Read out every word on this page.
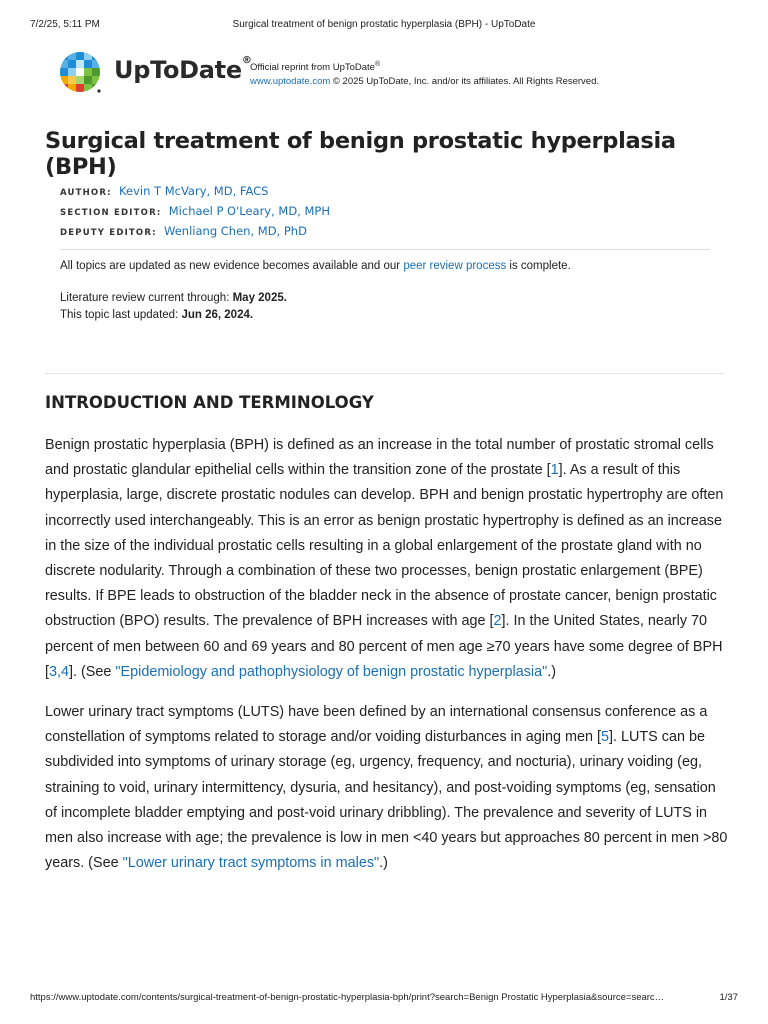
7/2/25, 5:11 PM	Surgical treatment of benign prostatic hyperplasia (BPH) - UpToDate
UpToDate®
Official reprint from UpToDate®
www.uptodate.com © 2025 UpToDate, Inc. and/or its affiliates. All Rights Reserved.
Surgical treatment of benign prostatic hyperplasia (BPH)
AUTHOR: Kevin T McVary, MD, FACS
SECTION EDITOR: Michael P O'Leary, MD, MPH
DEPUTY EDITOR: Wenliang Chen, MD, PhD

All topics are updated as new evidence becomes available and our peer review process is complete.

Literature review current through: May 2025.

This topic last updated: Jun 26, 2024.

INTRODUCTION AND TERMINOLOGY

Benign prostatic hyperplasia (BPH) is defined as an increase in the total number of prostatic stromal cells and prostatic glandular epithelial cells within the transition zone of the prostate [1]. As a result of this hyperplasia, large, discrete prostatic nodules can develop. BPH and benign prostatic hypertrophy are often incorrectly used interchangeably. This is an error as benign prostatic hypertrophy is defined as an increase in the size of the individual prostatic cells resulting in a global enlargement of the prostate gland with no discrete nodularity. Through a combination of these two processes, benign prostatic enlargement (BPE) results. If BPE leads to obstruction of the bladder neck in the absence of prostate cancer, benign prostatic obstruction (BPO) results. The prevalence of BPH increases with age [2]. In the United States, nearly 70 percent of men between 60 and 69 years and 80 percent of men age ≥70 years have some degree of BPH [3,4]. (See "Epidemiology and pathophysiology of benign prostatic hyperplasia".)

Lower urinary tract symptoms (LUTS) have been defined by an international consensus conference as a constellation of symptoms related to storage and/or voiding disturbances in aging men [5]. LUTS can be subdivided into symptoms of urinary storage (eg, urgency, frequency, and nocturia), urinary voiding (eg, straining to void, urinary intermittency, dysuria, and hesitancy), and post-voiding symptoms (eg, sensation of incomplete bladder emptying and post-void urinary dribbling). The prevalence and severity of LUTS in men also increase with age; the prevalence is low in men <40 years but approaches 80 percent in men >80 years. (See "Lower urinary tract symptoms in males".)

https://www.uptodate.com/contents/surgical-treatment-of-benign-prostatic-hyperplasia-bph/print?search=Benign Prostatic Hyperplasia&source=searc…	1/37
